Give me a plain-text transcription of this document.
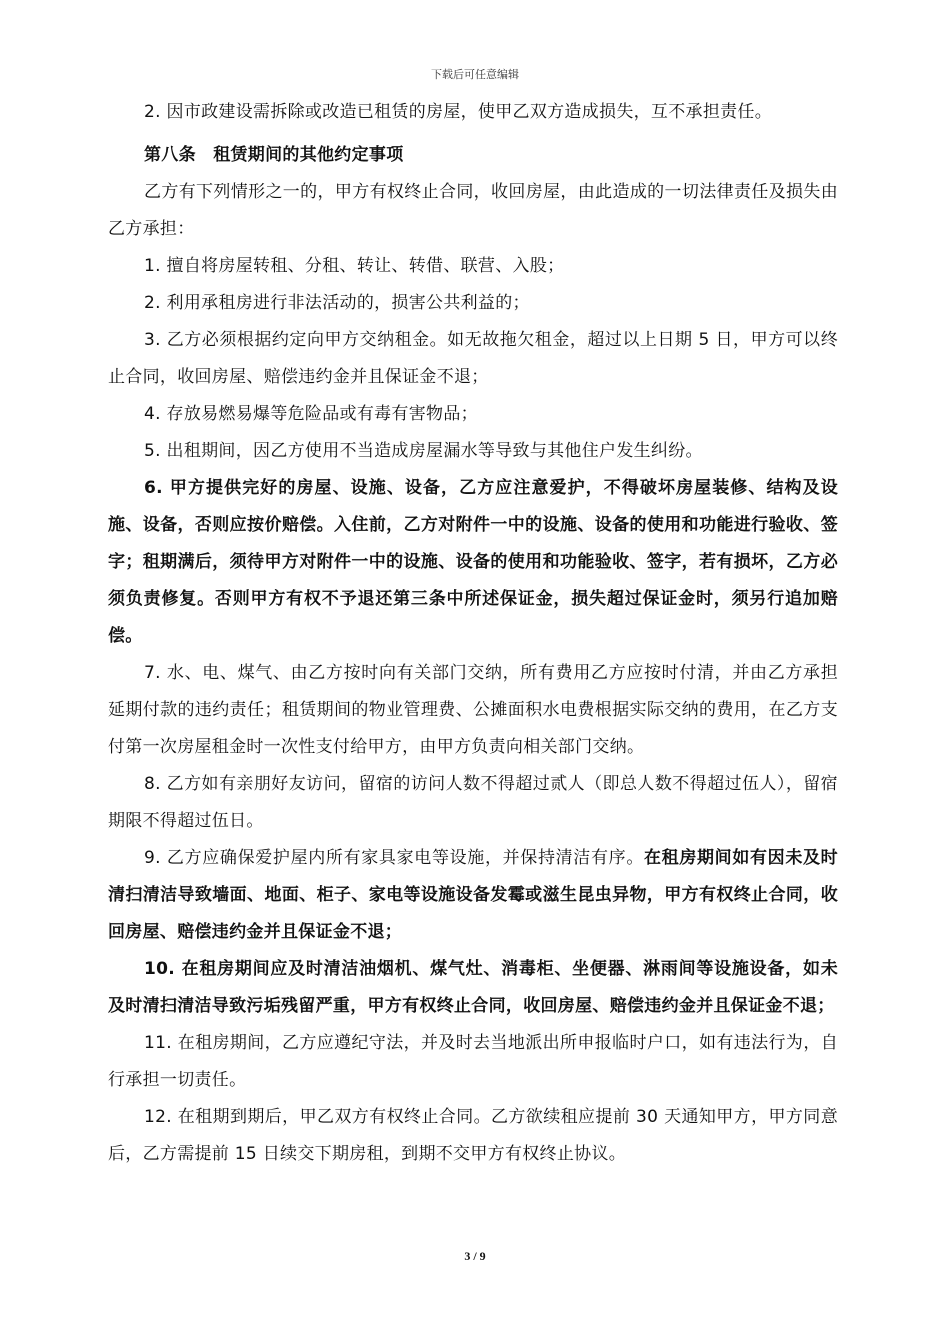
下载后可任意编辑

2. 因市政建设需拆除或改造已租赁的房屋，使甲乙双方造成损失，互不承担责任。

第八条　租赁期间的其他约定事项

乙方有下列情形之一的，甲方有权终止合同，收回房屋，由此造成的一切法律责任及损失由乙方承担：

1. 擅自将房屋转租、分租、转让、转借、联营、入股；

2. 利用承租房进行非法活动的，损害公共利益的；

3. 乙方必须根据约定向甲方交纳租金。如无故拖欠租金，超过以上日期 5 日，甲方可以终止合同，收回房屋、赔偿违约金并且保证金不退；

4. 存放易燃易爆等危险品或有毒有害物品；

5. 出租期间，因乙方使用不当造成房屋漏水等导致与其他住户发生纠纷。

6. 甲方提供完好的房屋、设施、设备，乙方应注意爱护，不得破坏房屋装修、结构及设施、设备，否则应按价赔偿。入住前，乙方对附件一中的设施、设备的使用和功能进行验收、签字；租期满后，须待甲方对附件一中的设施、设备的使用和功能验收、签字，若有损坏，乙方必须负责修复。否则甲方有权不予退还第三条中所述保证金，损失超过保证金时，须另行追加赔偿。

7. 水、电、煤气、由乙方按时向有关部门交纳，所有费用乙方应按时付清，并由乙方承担延期付款的违约责任；租赁期间的物业管理费、公摊面积水电费根据实际交纳的费用，在乙方支付第一次房屋租金时一次性支付给甲方，由甲方负责向相关部门交纳。

8. 乙方如有亲朋好友访问，留宿的访问人数不得超过贰人（即总人数不得超过伍人），留宿期限不得超过伍日。

9. 乙方应确保爱护屋内所有家具家电等设施，并保持清洁有序。在租房期间如有因未及时清扫清洁导致墙面、地面、柜子、家电等设施设备发霉或滋生昆虫异物，甲方有权终止合同，收回房屋、赔偿违约金并且保证金不退；

10. 在租房期间应及时清洁油烟机、煤气灶、消毒柜、坐便器、淋雨间等设施设备，如未及时清扫清洁导致污垢残留严重，甲方有权终止合同，收回房屋、赔偿违约金并且保证金不退；

11. 在租房期间，乙方应遵纪守法，并及时去当地派出所申报临时户口，如有违法行为，自行承担一切责任。

12. 在租期到期后，甲乙双方有权终止合同。乙方欲续租应提前 30 天通知甲方，甲方同意后，乙方需提前 15 日续交下期房租，到期不交甲方有权终止协议。

3 / 9
